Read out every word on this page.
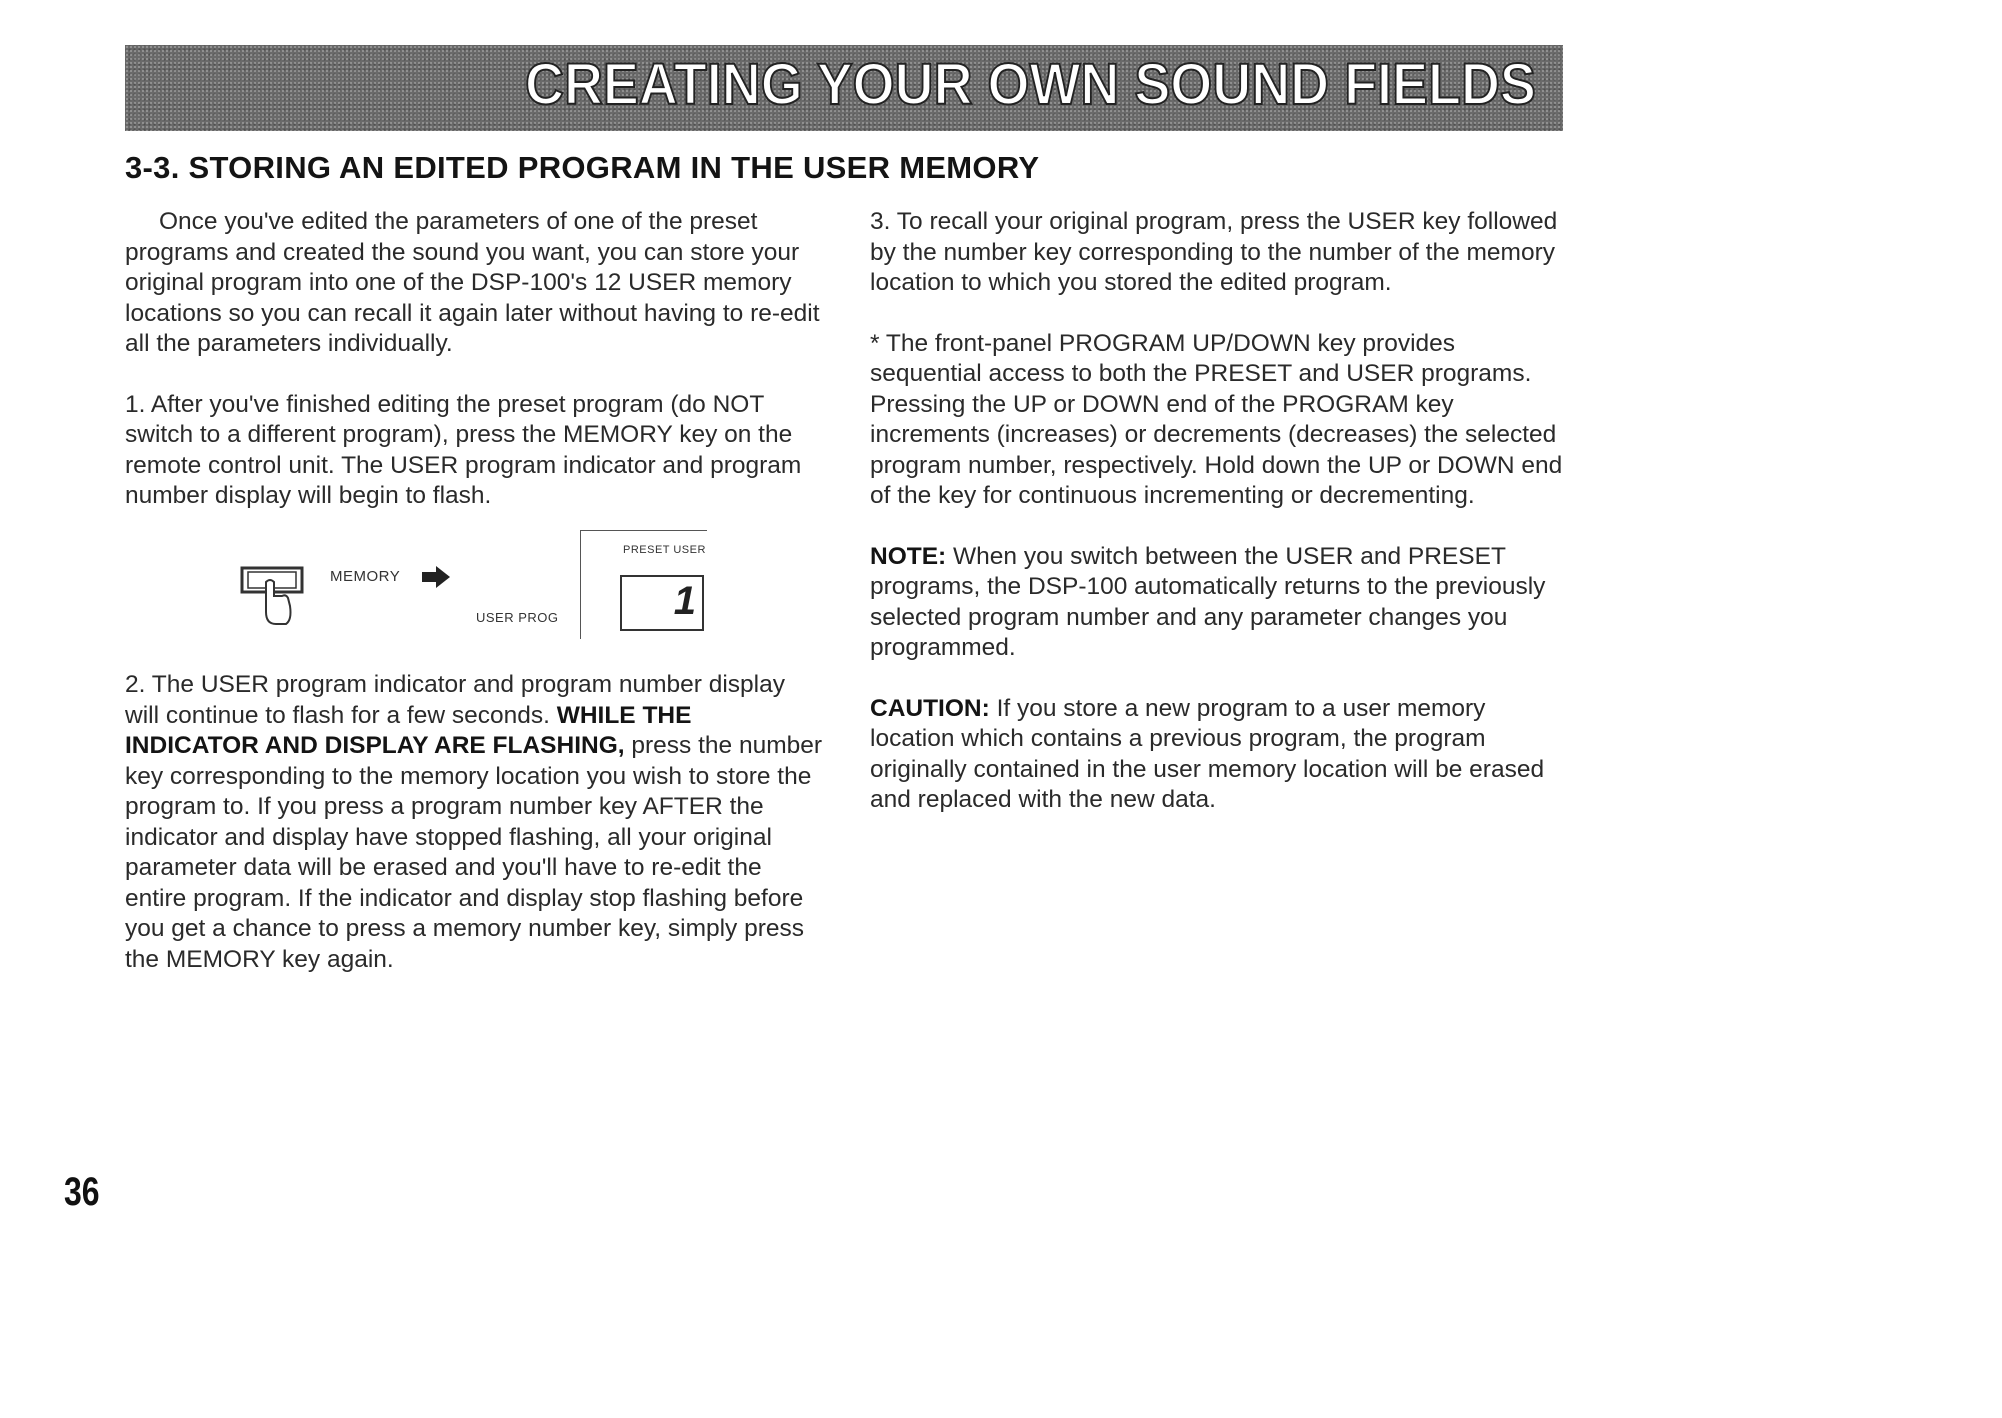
CREATING YOUR OWN SOUND FIELDS
3-3. STORING AN EDITED PROGRAM IN THE USER MEMORY

Once you've edited the parameters of one of the preset programs and created the sound you want, you can store your original program into one of the DSP-100's 12 USER memory locations so you can recall it again later without having to re-edit all the parameters individually.

1. After you've finished editing the preset program (do NOT switch to a different program), press the MEMORY key on the remote control unit. The USER program indicator and program number display will begin to flash.

MEMORY
PRESET USER
USER PROG	1

2. The USER program indicator and program number display will continue to flash for a few seconds. WHILE THE INDICATOR AND DISPLAY ARE FLASHING, press the number key corresponding to the memory location you wish to store the program to. If you press a program number key AFTER the indicator and display have stopped flashing, all your original parameter data will be erased and you'll have to re-edit the entire program. If the indicator and display stop flashing before you get a chance to press a memory number key, simply press the MEMORY key again.

3. To recall your original program, press the USER key followed by the number key corresponding to the number of the memory location to which you stored the edited program.

* The front-panel PROGRAM UP/DOWN key provides sequential access to both the PRESET and USER programs. Pressing the UP or DOWN end of the PROGRAM key increments (increases) or decrements (decreases) the selected program number, respectively. Hold down the UP or DOWN end of the key for continuous incrementing or decrementing.

NOTE: When you switch between the USER and PRESET programs, the DSP-100 automatically returns to the previously selected program number and any parameter changes you programmed.

CAUTION: If you store a new program to a user memory location which contains a previous program, the program originally contained in the user memory location will be erased and replaced with the new data.

36
